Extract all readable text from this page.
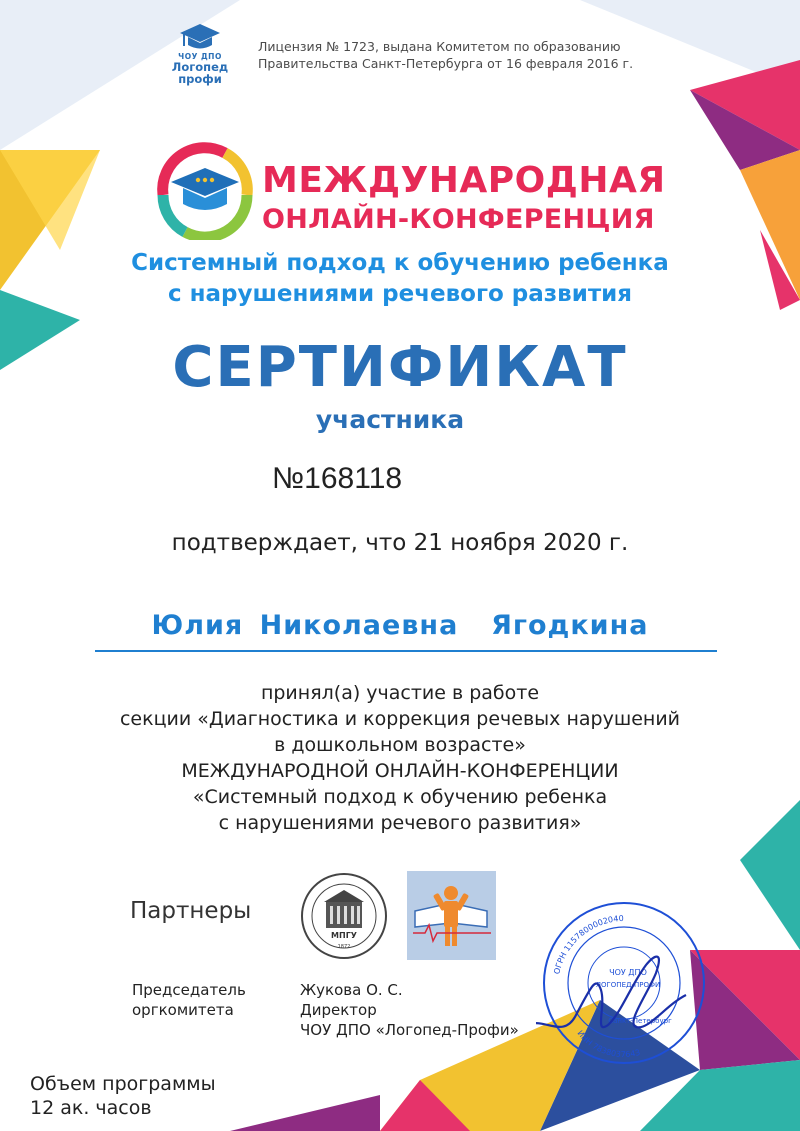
ЧОУ ДПО
Логопед
профи
Лицензия № 1723, выдана Комитетом по образованию
Правительства Санкт-Петербурга от 16 февраля 2016 г.
МЕЖДУНАРОДНАЯ
ОНЛАЙН-КОНФЕРЕНЦИЯ
Системный подход к обучению ребенка
с нарушениями речевого развития
СЕРТИФИКАТ
участника
№168118
подтверждает, что 21 ноября 2020 г.
Юлия Николаевна  Ягодкина
принял(а) участие в работе
секции «Диагностика и коррекция речевых нарушений
в дошкольном возрасте»
МЕЖДУНАРОДНОЙ ОНЛАЙН-КОНФЕРЕНЦИИ
«Системный подход к обучению ребенка
с нарушениями речевого развития»
Партнеры
МПГУ
1872
Председатель
оргкомитета
Жукова О. С.
Директор
ЧОУ ДПО «Логопед-Профи»
ОГРН 1157800002040
ИНН 7838037643
ЧОУ ДПО
ЛОГОПЕД-ПРОФИ
Санкт-Петербург
Объем программы
12 ак. часов
